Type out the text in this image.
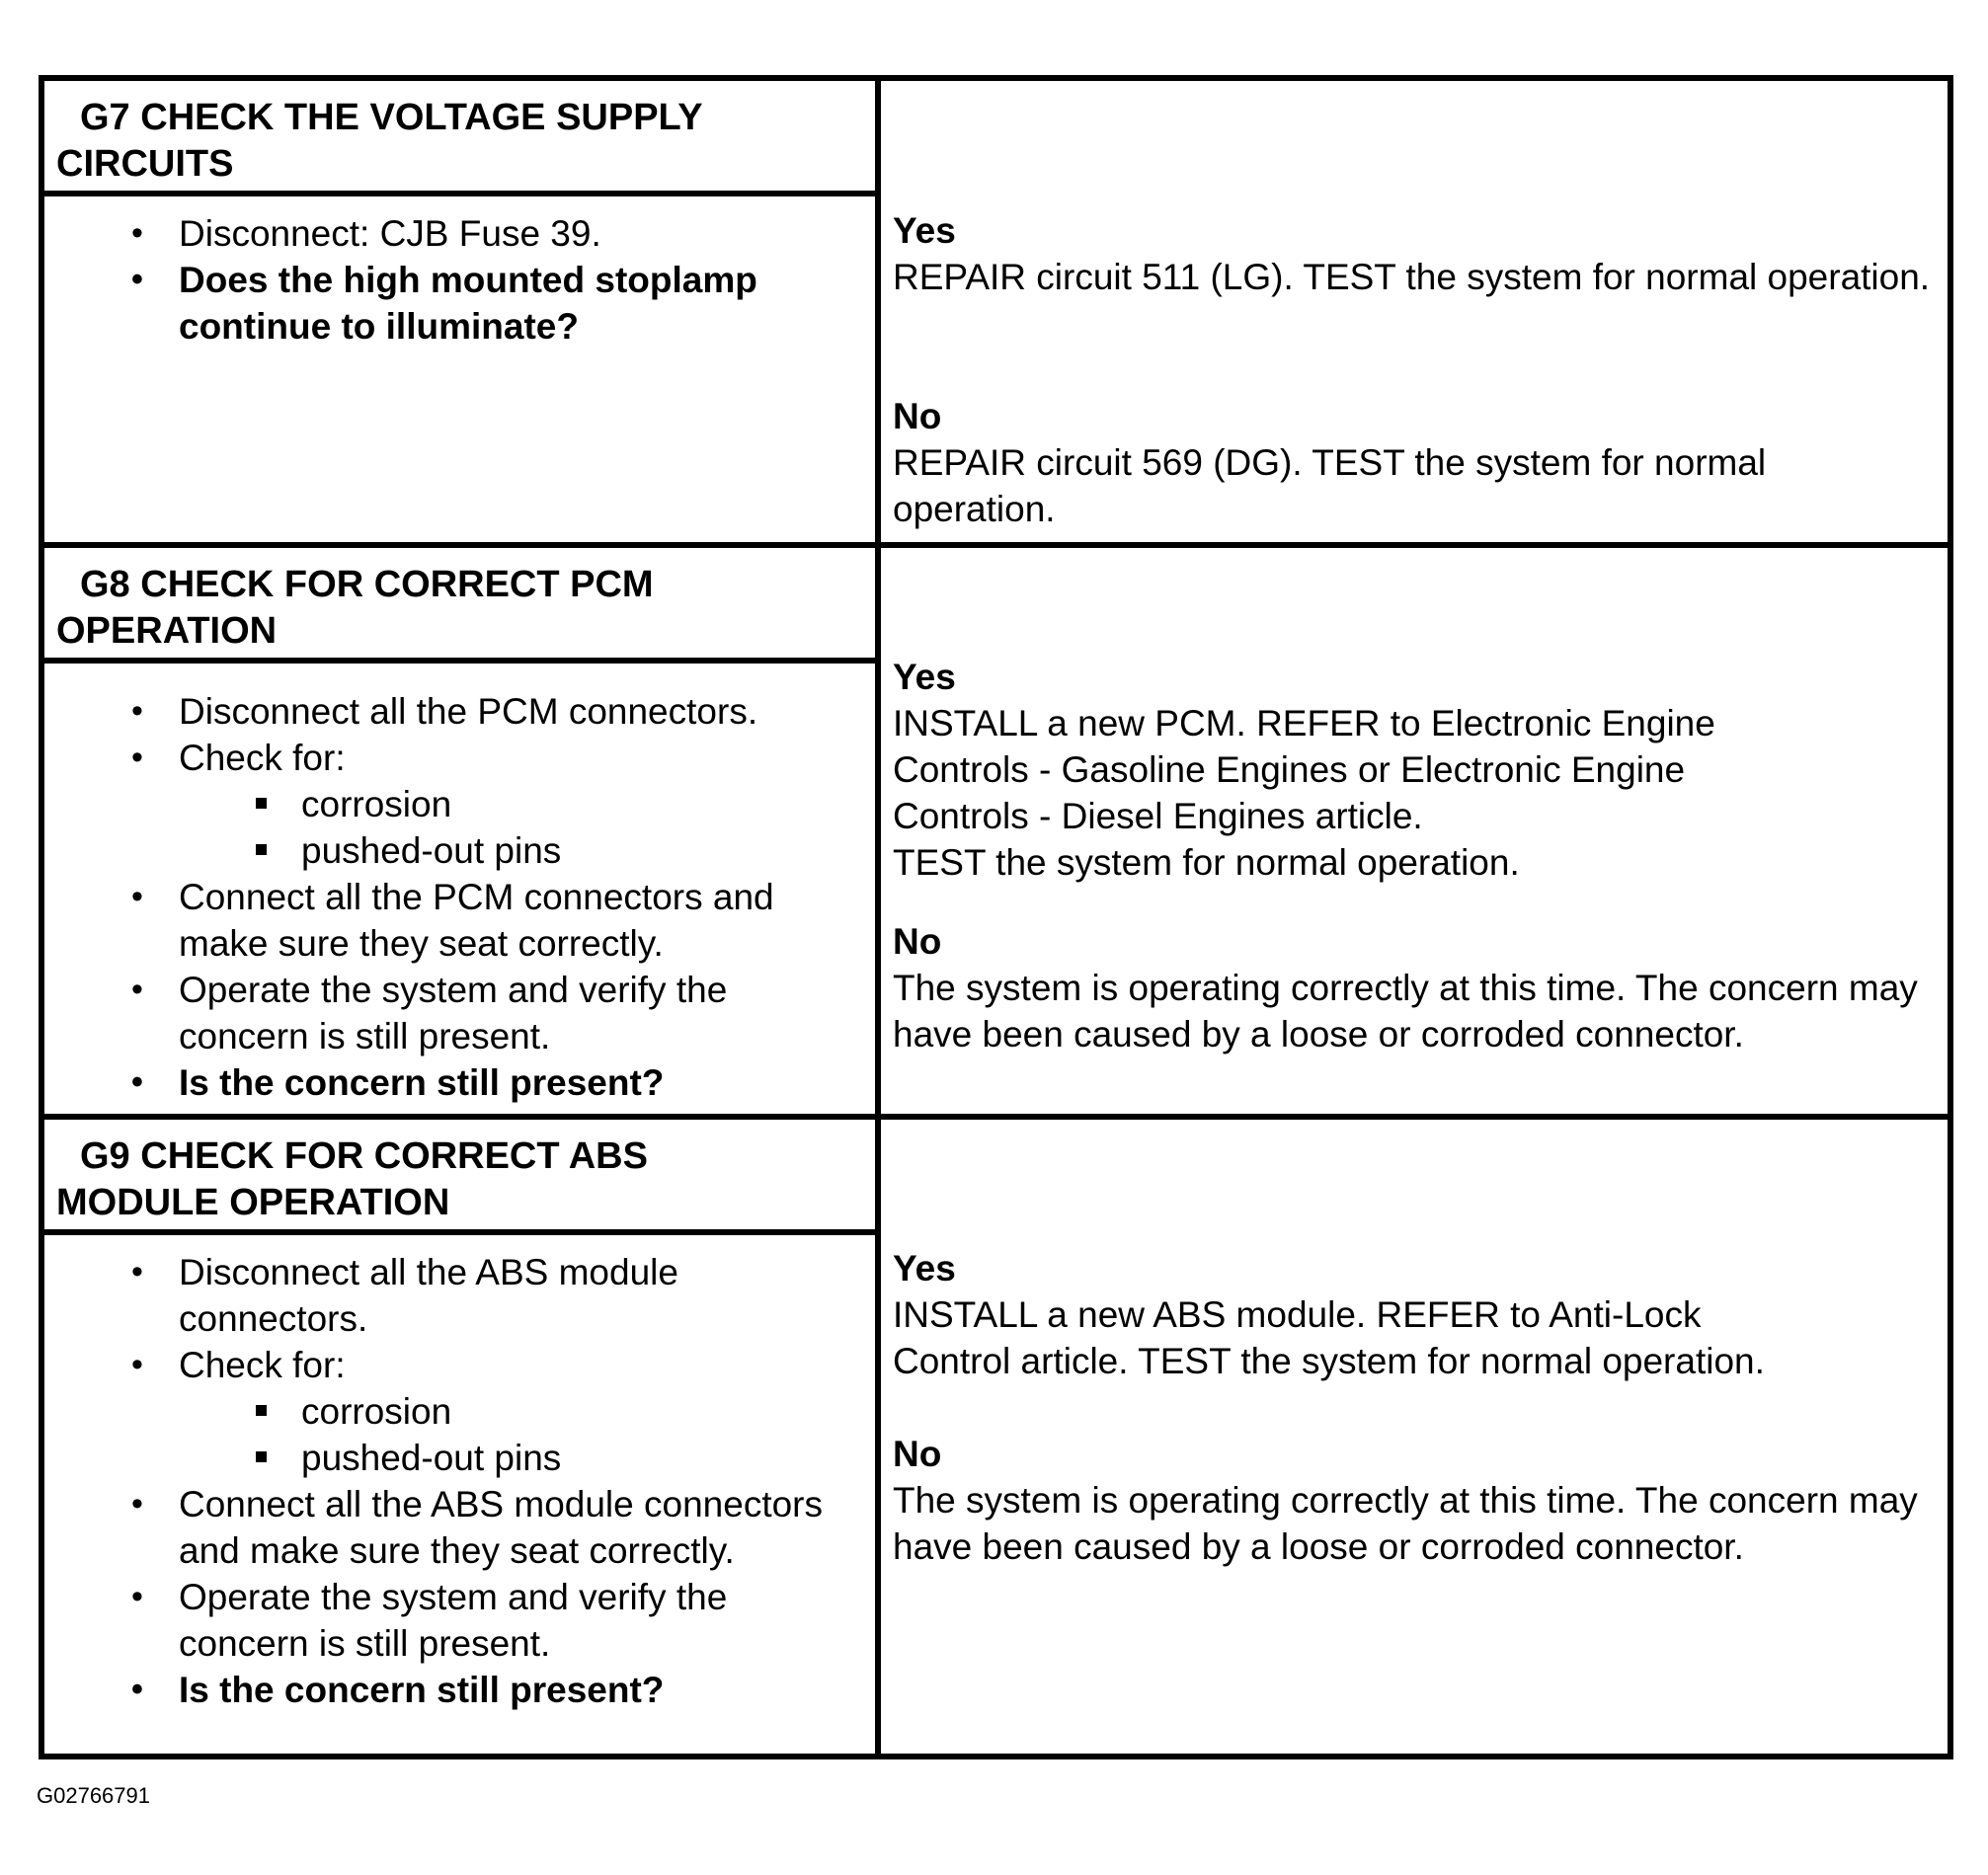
G7 CHECK THE VOLTAGE SUPPLY
CIRCUITS
• Disconnect: CJB Fuse 39.
• Does the high mounted stoplamp continue to illuminate?
Yes

REPAIR circuit 511 (LG). TEST the system for normal operation.

No

REPAIR circuit 569 (DG). TEST the system for normal operation.

G8 CHECK FOR CORRECT PCM
OPERATION
• Disconnect all the PCM connectors.
• Check for:
corrosion
pushed-out pins
• Connect all the PCM connectors and make sure they seat correctly.
• Operate the system and verify the concern is still present.
• Is the concern still present?
Yes

INSTALL a new PCM. REFER to Electronic Engine

Controls - Gasoline Engines or Electronic Engine

Controls - Diesel Engines article.

TEST the system for normal operation.

No

The system is operating correctly at this time. The concern may have been caused by a loose or corroded connector.

G9 CHECK FOR CORRECT ABS
MODULE OPERATION
• Disconnect all the ABS module connectors.
• Check for:
corrosion
pushed-out pins
• Connect all the ABS module connectors and make sure they seat correctly.
• Operate the system and verify the concern is still present.
• Is the concern still present?
Yes

INSTALL a new ABS module. REFER to Anti-Lock

Control article. TEST the system for normal operation.

No

The system is operating correctly at this time. The concern may have been caused by a loose or corroded connector.

G02766791
